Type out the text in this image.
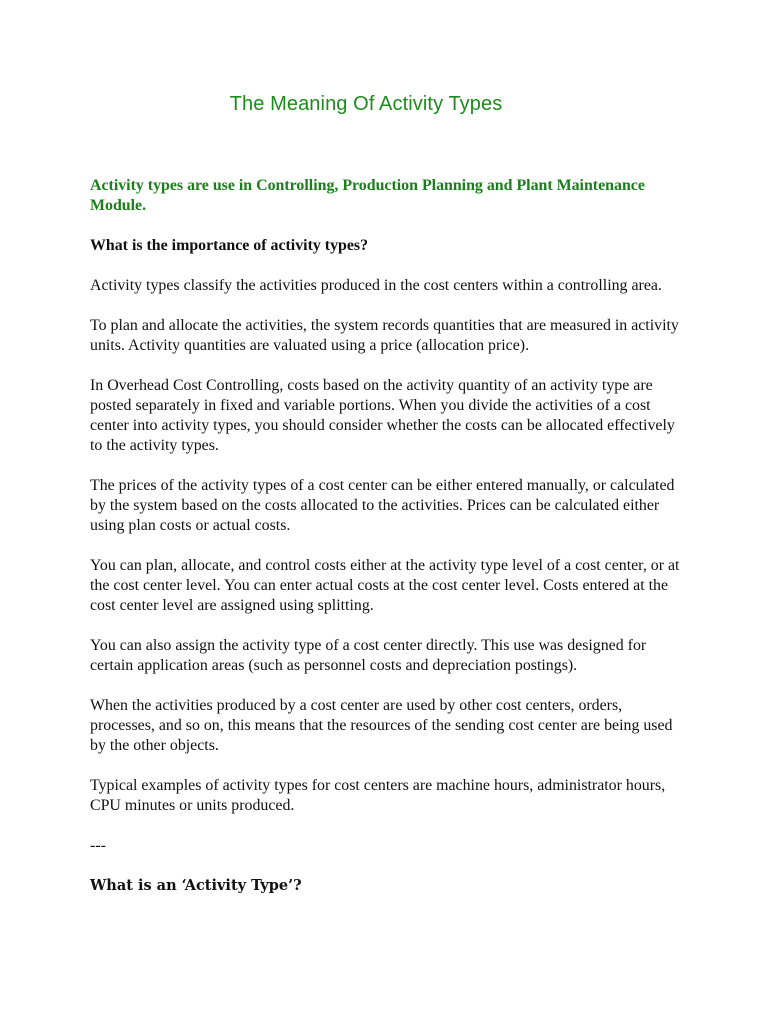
The Meaning Of Activity Types

Activity types are use in Controlling, Production Planning and Plant Maintenance Module.

What is the importance of activity types?

Activity types classify the activities produced in the cost centers within a controlling area.

To plan and allocate the activities, the system records quantities that are measured in activity units. Activity quantities are valuated using a price (allocation price).

In Overhead Cost Controlling, costs based on the activity quantity of an activity type are posted separately in fixed and variable portions. When you divide the activities of a cost center into activity types, you should consider whether the costs can be allocated effectively to the activity types.

The prices of the activity types of a cost center can be either entered manually, or calculated by the system based on the costs allocated to the activities. Prices can be calculated either using plan costs or actual costs.

You can plan, allocate, and control costs either at the activity type level of a cost center, or at the cost center level. You can enter actual costs at the cost center level. Costs entered at the cost center level are assigned using splitting.

You can also assign the activity type of a cost center directly. This use was designed for certain application areas (such as personnel costs and depreciation postings).

When the activities produced by a cost center are used by other cost centers, orders, processes, and so on, this means that the resources of the sending cost center are being used by the other objects.

Typical examples of activity types for cost centers are machine hours, administrator hours, CPU minutes or units produced.

---

What is an ‘Activity Type’?
